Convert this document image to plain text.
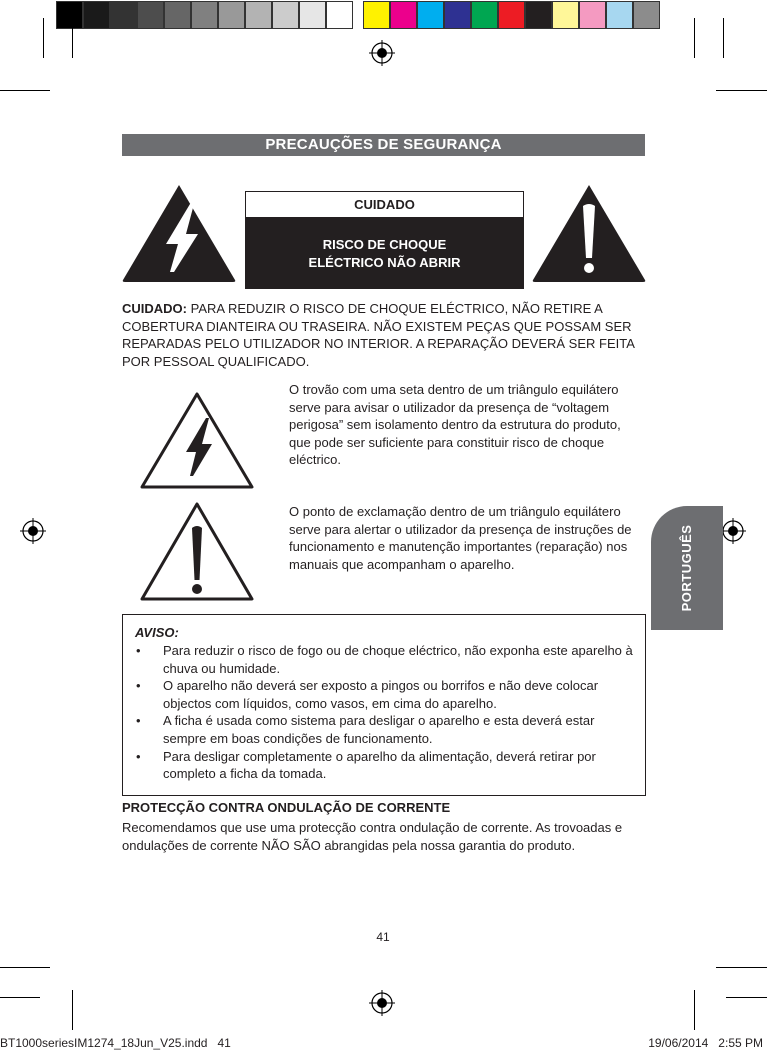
PRECAUÇÕES DE SEGURANÇA
CUIDADO
RISCO DE CHOQUE
ELÉCTRICO NÃO ABRIR
CUIDADO: PARA REDUZIR O RISCO DE CHOQUE ELÉCTRICO, NÃO RETIRE A COBERTURA DIANTEIRA OU TRASEIRA. NÃO EXISTEM PEÇAS QUE POSSAM SER REPARADAS PELO UTILIZADOR NO INTERIOR. A REPARAÇÃO DEVERÁ SER FEITA POR PESSOAL QUALIFICADO.
O trovão com uma seta dentro de um triângulo equilátero serve para avisar o utilizador da presença de “voltagem perigosa” sem isolamento dentro da estrutura do produto, que pode ser suficiente para constituir risco de choque eléctrico.
O ponto de exclamação dentro de um triângulo equilátero serve para alertar o utilizador da presença de instruções de funcionamento e manutenção importantes (reparação) nos manuais que acompanham o aparelho.	PORTUGUÊS
AVISO:
• Para reduzir o risco de fogo ou de choque eléctrico, não exponha este aparelho à chuva ou humidade.
• O aparelho não deverá ser exposto a pingos ou borrifos e não deve colocar objectos com líquidos, como vasos, em cima do aparelho.
• A ficha é usada como sistema para desligar o aparelho e esta deverá estar sempre em boas condições de funcionamento.
• Para desligar completamente o aparelho da alimentação, deverá retirar por completo a ficha da tomada.
PROTECÇÃO CONTRA ONDULAÇÃO DE CORRENTE
Recomendamos que use uma protecção contra ondulação de corrente. As trovoadas e ondulações de corrente NÃO SÃO abrangidas pela nossa garantia do produto.
41
BT1000seriesIM1274_18Jun_V25.indd   41	19/06/2014   2:55 PM
